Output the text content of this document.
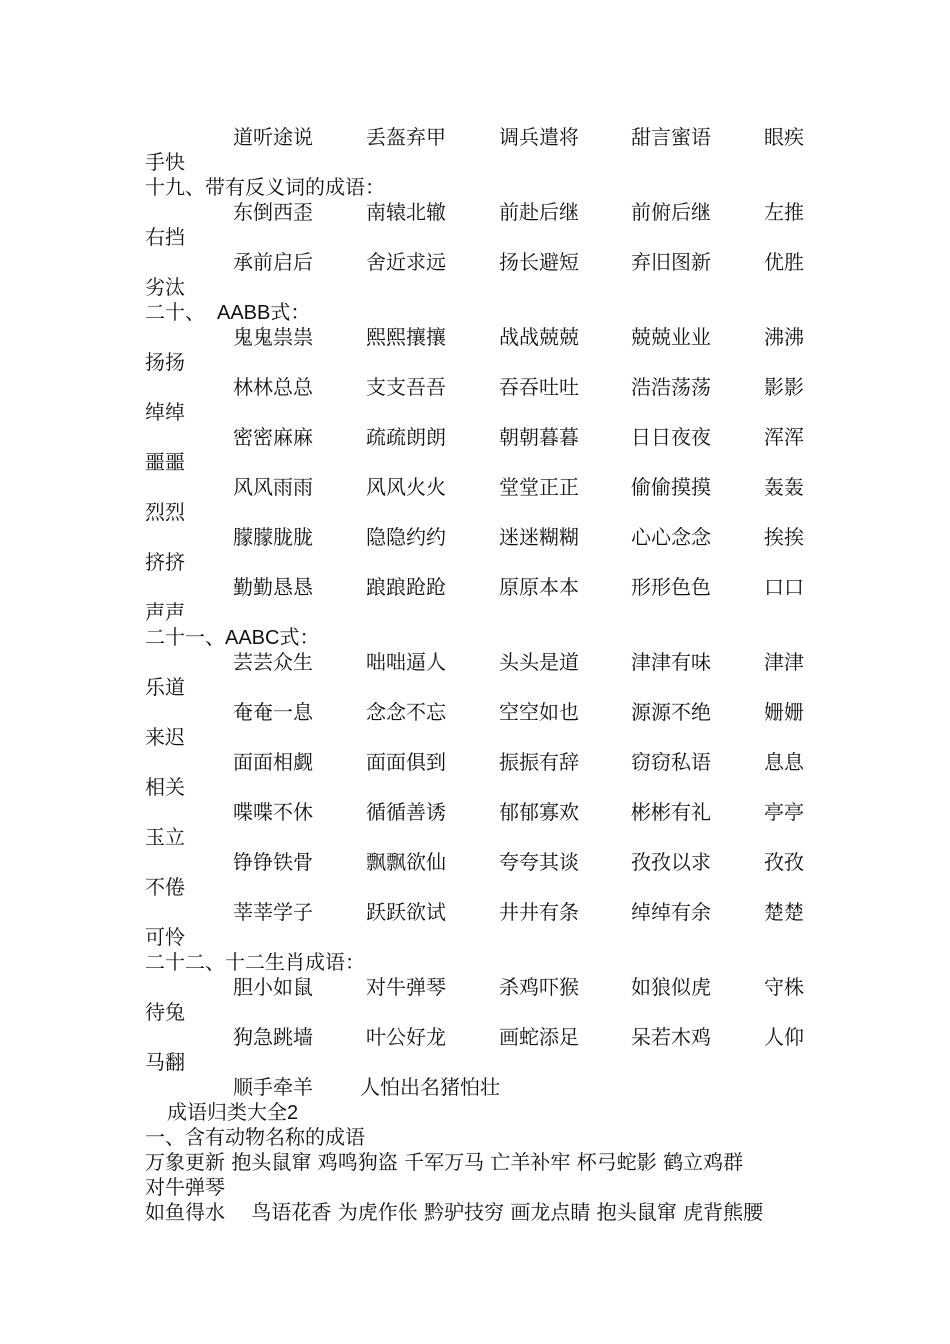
道听途说	丢盔弃甲	调兵遣将	甜言蜜语	眼疾
手快
十九、带有反义词的成语：
东倒西歪	南辕北辙	前赴后继	前俯后继	左推
右挡
承前启后	舍近求远	扬长避短	弃旧图新	优胜
劣汰
二十、 AABB式：
鬼鬼祟祟	熙熙攘攘	战战兢兢	兢兢业业	沸沸
扬扬
林林总总	支支吾吾	吞吞吐吐	浩浩荡荡	影影
绰绰
密密麻麻	疏疏朗朗	朝朝暮暮	日日夜夜	浑浑
噩噩
风风雨雨	风风火火	堂堂正正	偷偷摸摸	轰轰
烈烈
朦朦胧胧	隐隐约约	迷迷糊糊	心心念念	挨挨
挤挤
勤勤恳恳	踉踉跄跄	原原本本	形形色色	口口
声声
二十一、AABC式：
芸芸众生	咄咄逼人	头头是道	津津有味	津津
乐道
奄奄一息	念念不忘	空空如也	源源不绝	姗姗
来迟
面面相觑	面面俱到	振振有辞	窃窃私语	息息
相关
喋喋不休	循循善诱	郁郁寡欢	彬彬有礼	亭亭
玉立
铮铮铁骨	飘飘欲仙	夸夸其谈	孜孜以求	孜孜
不倦
莘莘学子	跃跃欲试	井井有条	绰绰有余	楚楚
可怜
二十二、十二生肖成语：
胆小如鼠	对牛弹琴	杀鸡吓猴	如狼似虎	守株
待兔
狗急跳墙	叶公好龙	画蛇添足	呆若木鸡	人仰
马翻
顺手牵羊 人怕出名猪怕壮
成语归类大全2
一、含有动物名称的成语
万象更新 抱头鼠窜 鸡鸣狗盗 千军万马 亡羊补牢 杯弓蛇影 鹤立鸡群
对牛弹琴
如鱼得水　 鸟语花香 为虎作伥 黔驴技穷 画龙点睛 抱头鼠窜 虎背熊腰
